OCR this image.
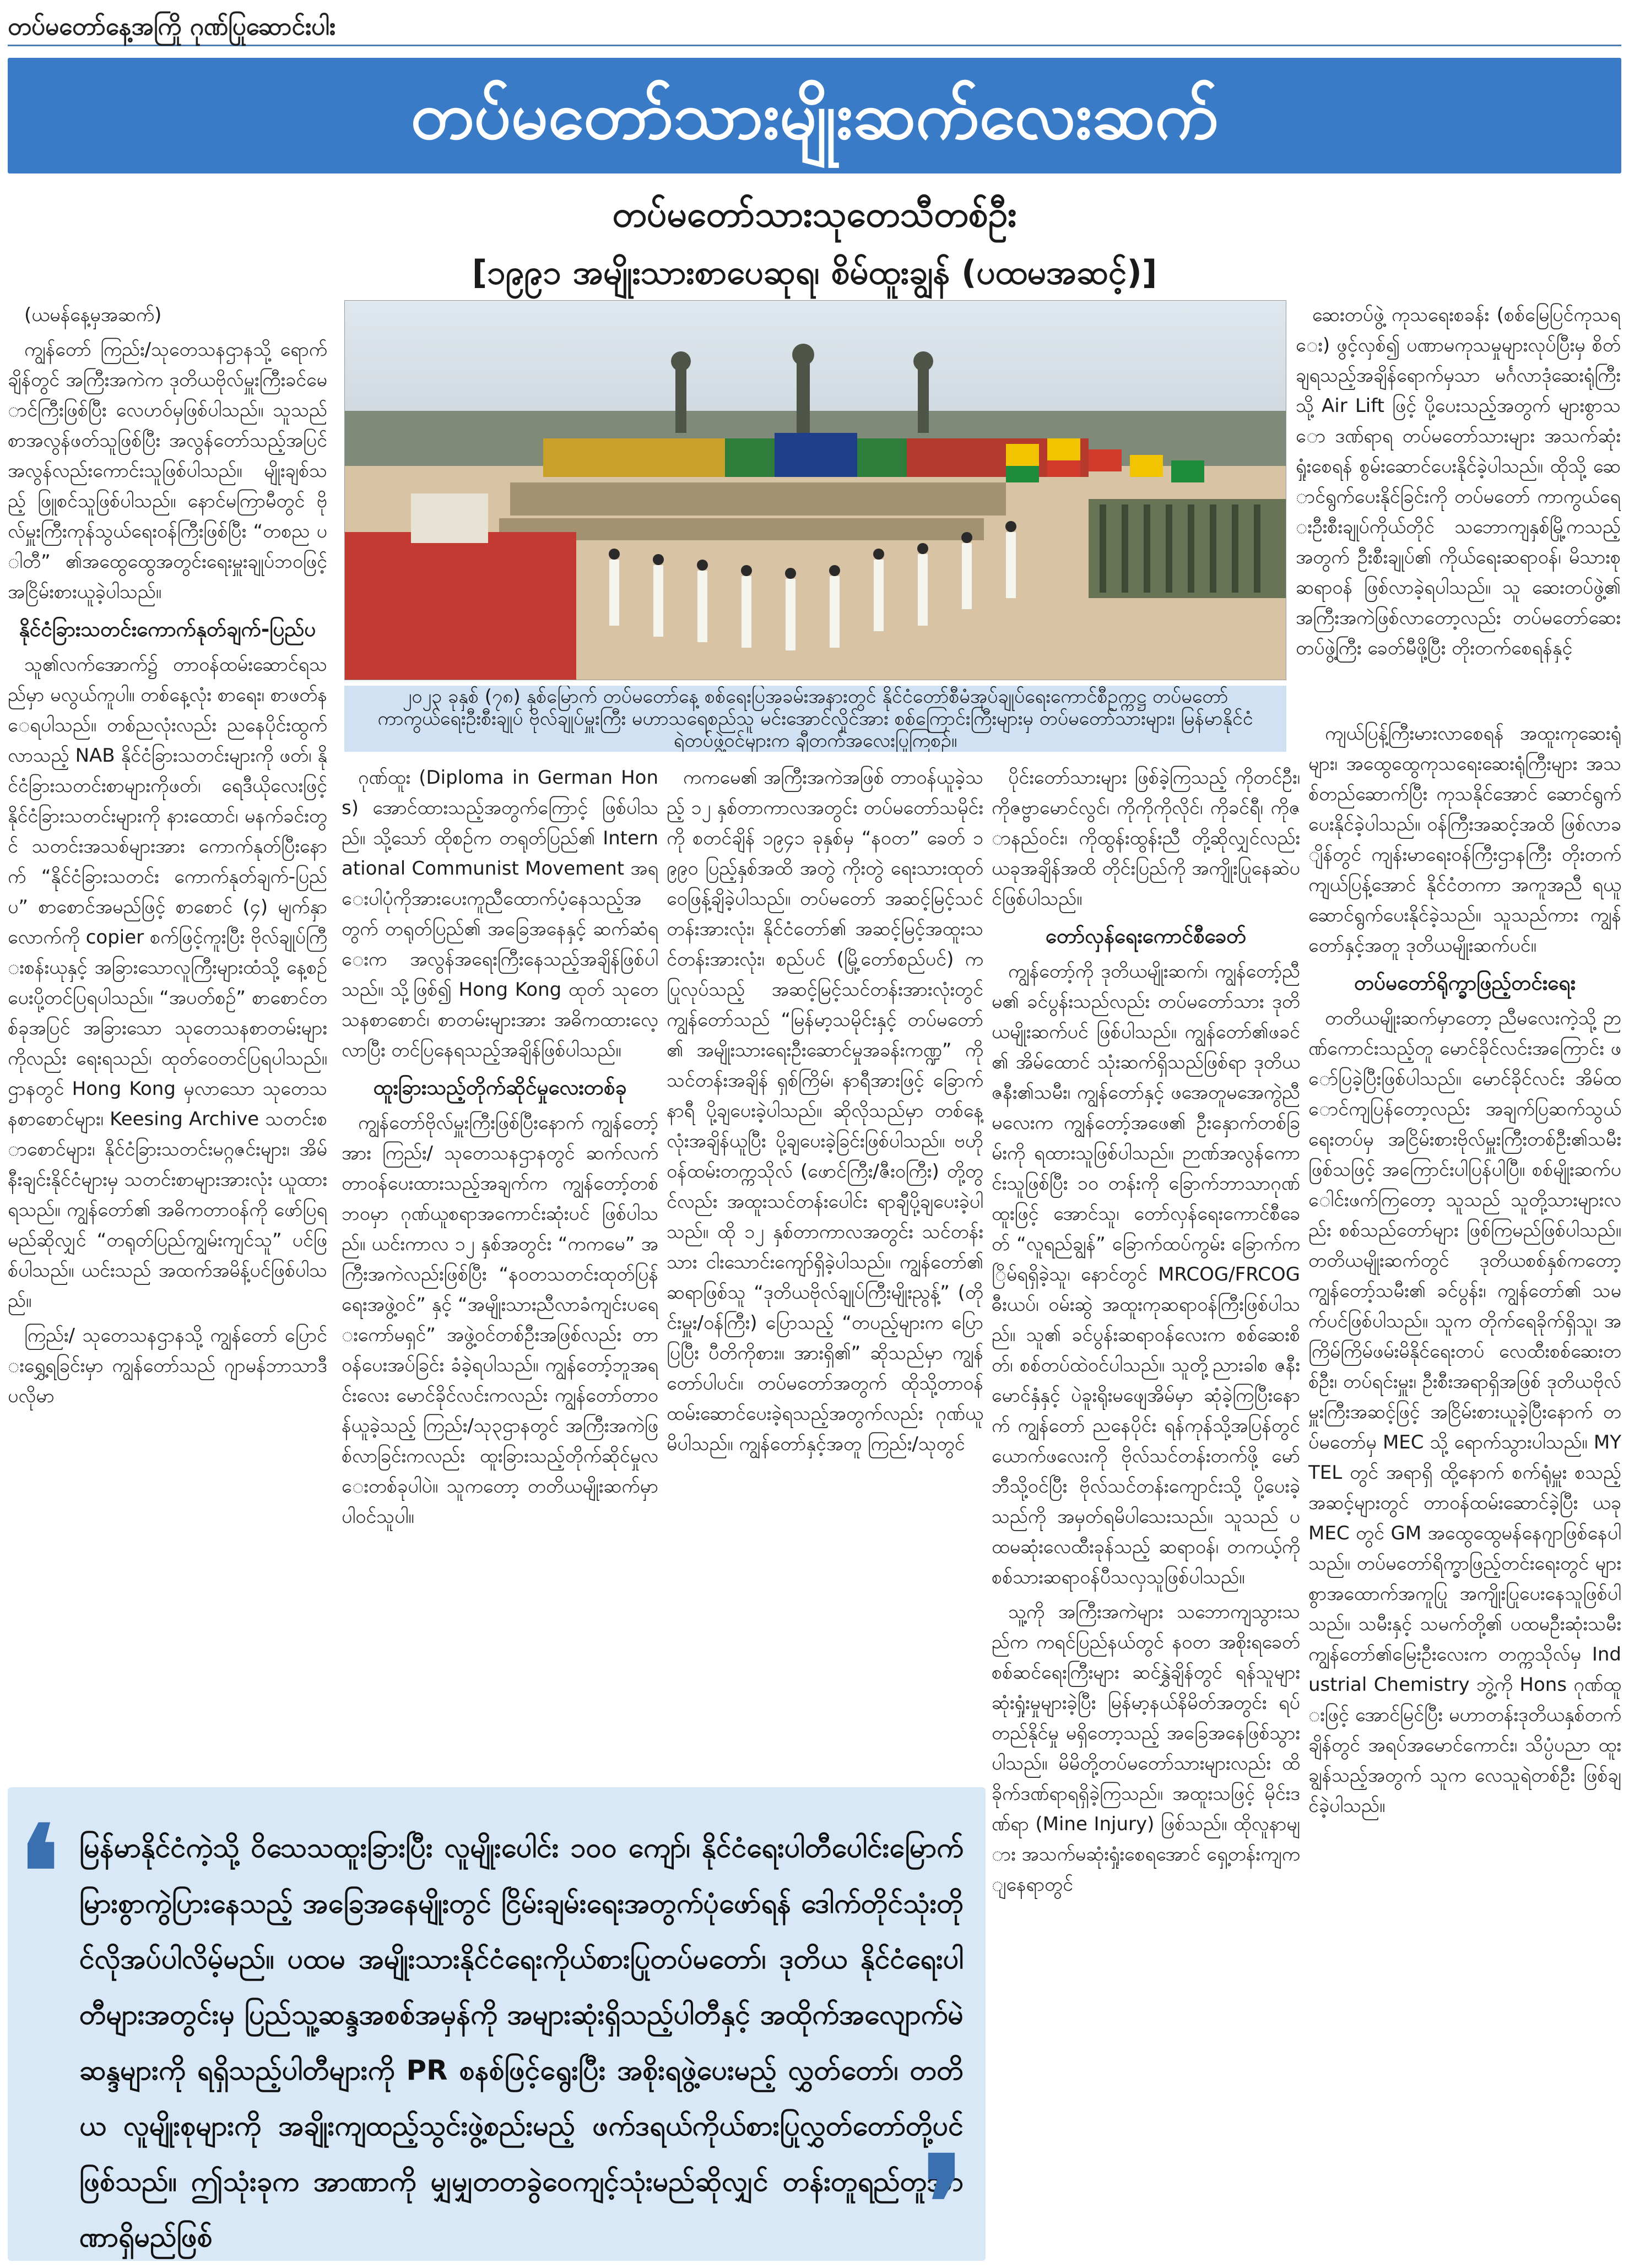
တပ်မတော်နေ့အကြို ဂုဏ်ပြုဆောင်းပါး
တပ်မတော်သားမျိုးဆက်လေးဆက်
တပ်မတော်သားသုတေသီတစ်ဦး
[၁၉၉၁ အမျိုးသားစာပေဆုရ၊ စိမ်ထူးချွန် (ပထမအဆင့်)]
၂၀၂၃ ခုနှစ် (၇၈) နှစ်မြောက် တပ်မတော်နေ့ စစ်ရေးပြအခမ်းအနားတွင် နိုင်ငံတော်စီမံအုပ်ချုပ်ရေးကောင်စီဥက္ကဋ္ဌ တပ်မတော်ကာကွယ်ရေးဦးစီးချုပ် ဗိုလ်ချုပ်မှူးကြီး မဟာသရေစည်သူ မင်းအောင်လှိုင်အား စစ်ကြောင်းကြီးများမှ တပ်မတော်သားများ၊ မြန်မာနိုင်ငံရဲတပ်ဖွဲ့ဝင်များက ချီတက်အလေးပြုကြစဉ်။

ဆေးတပ်ဖွဲ့ ကုသရေးစခန်း (စစ်မြေပြင်ကုသရေး) ဖွင့်လှစ်၍ ပဏာမကုသမှုများလုပ်ပြီးမှ စိတ်ချရသည့်အချိန်ရောက်မှသာ မင်္ဂလာဒုံဆေးရုံကြီးသို့ Air Lift ဖြင့် ပို့ပေးသည့်အတွက် များစွာသော ဒဏ်ရာရ တပ်မတော်သားများ အသက်ဆုံးရှုံးစေရန် စွမ်းဆောင်ပေးနိုင်ခဲ့ပါသည်။ ထိုသို့ ဆောင်ရွက်ပေးနိုင်ခြင်းကို တပ်မတော် ကာကွယ်ရေးဦးစီးချုပ်ကိုယ်တိုင် သဘောကျနှစ်မြို့ကသည့်အတွက် ဦးစီးချုပ်၏ ကိုယ်ရေးဆရာဝန်၊ မိသားစုဆရာဝန် ဖြစ်လာခဲ့ရပါသည်။ သူ ဆေးတပ်ဖွဲ့၏အကြီးအကဲဖြစ်လာတော့လည်း တပ်မတော်ဆေးတပ်ဖွဲ့ကြီး ခေတ်မီဖို့ပြီး တိုးတက်စေရန်နှင့်

(ယမန်နေ့မှအဆက်)

ကျွန်တော် ကြည်း/သုတေသနဌာနသို့ ရောက်ချိန်တွင် အကြီးအကဲက ဒုတိယဗိုလ်မှူးကြီးခင်မောင်ကြီးဖြစ်ပြီး လေဟဝ်မှဖြစ်ပါသည်။ သူသည် စာအလွန်ဖတ်သူဖြစ်ပြီး အလွန်တော်သည့်အပြင် အလွန်လည်းကောင်းသူဖြစ်ပါသည်။ မျိုးချစ်သည့် ဖြူစင်သူဖြစ်ပါသည်။ နောင်မကြာမီတွင် ဗိုလ်မှူးကြီးကုန်သွယ်ရေးဝန်ကြီးဖြစ်ပြီး “တစည ပါတီ” ၏အထွေထွေအတွင်းရေးမှူးချုပ်ဘဝဖြင့် အငြိမ်းစားယူခဲ့ပါသည်။

နိုင်ငံခြားသတင်းကောက်နုတ်ချက်-ပြည်ပ

သူ၏လက်အောက်၌ တာဝန်ထမ်းဆောင်ရသည်မှာ မလွယ်ကူပါ။ တစ်နေ့လုံး စာရေး၊ စာဖတ်နေရပါသည်။ တစ်ညလုံးလည်း ညနေပိုင်းထွက်လာသည့် NAB နိုင်ငံခြားသတင်းများကို ဖတ်၊ နိုင်ငံခြားသတင်းစာများကိုဖတ်၊ ရေဒီယိုလေးဖြင့် နိုင်ငံခြားသတင်းများကို နားထောင်၊ မနက်ခင်းတွင် သတင်းအသစ်များအား ကောက်နုတ်ပြီးနောက် “နိုင်ငံခြားသတင်း ကောက်နုတ်ချက်-ပြည်ပ” စာစောင်အမည်ဖြင့် စာစောင် (၄) မျက်နှာလောက်ကို copier စက်ဖြင့်ကူးပြီး ဗိုလ်ချုပ်ကြီးစန်းယုနှင့် အခြားသောလူကြီးများထံသို့ နေ့စဉ်ပေးပို့တင်ပြရပါသည်။ “အပတ်စဉ်” စာစောင်တစ်ခုအပြင် အခြားသော သုတေသနစာတမ်းများကိုလည်း ရေးရသည်၊ ထုတ်ဝေတင်ပြရပါသည်။ ဌာနတွင် Hong Kong မှလာသော သုတေသနစာစောင်များ၊ Keesing Archive သတင်းစာစောင်များ၊ နိုင်ငံခြားသတင်းမဂ္ဂဇင်းများ၊ အိမ်နီးချင်းနိုင်ငံများမှ သတင်းစာများအားလုံး ယူထားရသည်။ ကျွန်တော်၏ အဓိကတာဝန်ကို ဖော်ပြရမည်ဆိုလျှင် “တရုတ်ပြည်ကျွမ်းကျင်သူ” ပင်ဖြစ်ပါသည်။ ယင်းသည် အထက်အမိန့်ပင်ဖြစ်ပါသည်။

ကြည်း/ သုတေသနဌာနသို့ ကျွန်တော် ပြောင်းရွှေ့ရခြင်းမှာ ကျွန်တော်သည် ဂျာမန်ဘာသာဒီပလိုမာ

ဂုဏ်ထူး (Diploma in German Hons) အောင်ထားသည့်အတွက်ကြောင့် ဖြစ်ပါသည်။ သို့သော် ထိုစဉ်က တရုတ်ပြည်၏ International Communist Movement အရေးပါပုံကိုအားပေးကူညီထောက်ပံ့နေသည့်အတွက် တရုတ်ပြည်၏ အခြေအနေနှင့် ဆက်ဆံရေးက အလွန်အရေးကြီးနေသည့်အချိန်ဖြစ်ပါသည်။ သို့ဖြစ်၍ Hong Kong ထုတ် သုတေသနစာစောင်၊ စာတမ်းများအား အဓိကထားလေ့လာပြီး တင်ပြနေရသည့်အချိန်ဖြစ်ပါသည်။

ထူးခြားသည့်တိုက်ဆိုင်မှုလေးတစ်ခု

ကျွန်တော်ဗိုလ်မှူးကြီးဖြစ်ပြီးနောက် ကျွန်တော့်အား ကြည်း/ သုတေသနဌာနတွင် ဆက်လက်တာဝန်ပေးထားသည့်အချက်က ကျွန်တော့်တစ်ဘဝမှာ ဂုဏ်ယူစရာအကောင်းဆုံးပင် ဖြစ်ပါသည်။ ယင်းကာလ ၁၂ နှစ်အတွင်း “ကကမေ” အကြီးအကဲလည်းဖြစ်ပြီး “နဝတသတင်းထုတ်ပြန်ရေးအဖွဲ့ဝင်” နှင့် “အမျိုးသားညီလာခံကျင်းပရေးကော်မရှင်” အဖွဲ့ဝင်တစ်ဦးအဖြစ်လည်း တာဝန်ပေးအပ်ခြင်း ခံခဲ့ရပါသည်။ ကျွန်တော့်ဘူအရင်းလေး မောင်ခိုင်လင်းကလည်း ကျွန်တော်တာဝန်ယူခဲ့သည့် ကြည်း/သု၃ဌာနတွင် အကြီးအကဲဖြစ်လာခြင်းကလည်း ထူးခြားသည့်တိုက်ဆိုင်မှုလေးတစ်ခုပါပဲ။ သူကတော့ တတိယမျိုးဆက်မှာ ပါဝင်သူပါ။

ကကမေ၏ အကြီးအကဲအဖြစ် တာဝန်ယူခဲ့သည့် ၁၂ နှစ်တာကာလအတွင်း တပ်မတော်သမိုင်းကို စတင်ချိန် ၁၉၄၁ ခုနှစ်မှ “နဝတ” ခေတ် ၁၉၉၀ ပြည့်နှစ်အထိ အတွဲ ကိုးတွဲ ရေးသားထုတ်ဝေဖြန့်ချိခဲ့ပါသည်။ တပ်မတော် အဆင့်မြင့်သင်တန်းအားလုံး၊ နိုင်ငံတော်၏ အဆင့်မြင့်အထူးသင်တန်းအားလုံး၊ စည်ပင် (မြို့တော်စည်ပင်) က ပြုလုပ်သည့် အဆင့်မြင့်သင်တန်းအားလုံးတွင် ကျွန်တော်သည် “မြန်မာ့သမိုင်းနှင့် တပ်မတော်၏ အမျိုးသားရေးဦးဆောင်မှုအခန်းကဏ္ဍ” ကို သင်တန်းအချိန် ရှစ်ကြိမ်၊ နာရီအားဖြင့် ခြောက်နာရီ ပို့ချပေးခဲ့ပါသည်။ ဆိုလိုသည်မှာ တစ်နေ့လုံးအချိန်ယူပြီး ပို့ချပေးခဲ့ခြင်းဖြစ်ပါသည်။ ဗဟိုဝန်ထမ်းတက္ကသိုလ် (ဖောင်ကြီး/ဇီးဝကြီး) တို့တွင်လည်း အထူးသင်တန်းပေါင်း ရာချီပို့ချပေးခဲ့ပါသည်။ ထို ၁၂ နှစ်တာကာလအတွင်း သင်တန်းသား ငါးသောင်းကျော်ရှိခဲ့ပါသည်။ ကျွန်တော်၏ဆရာဖြစ်သူ “ဒုတိယဗိုလ်ချုပ်ကြီးမျိုးညွန့်” (တိုင်းမှူး/ဝန်ကြီး) ပြောသည့် “တပည့်များက ပြောပြပြီး ပီတိကိုစား။ အားရှိ၏” ဆိုသည်မှာ ကျွန်တော်ပါပင်။ တပ်မတော်အတွက် ထိုသို့တာဝန်ထမ်းဆောင်ပေးခဲ့ရသည့်အတွက်လည်း ဂုဏ်ယူမိပါသည်။ ကျွန်တော်နှင့်အတူ ကြည်း/သုတွင်

ပိုင်းတော်သားများ ဖြစ်ခဲ့ကြသည့် ကိုတင်ဦး၊ ကိုဇဗ္ဗာမောင်လွင်၊ ကိုကိုကိုလိုင်၊ ကိုခင်ရီ၊ ကိုဇာနည်ဝင်း၊ ကိုထွန်းထွန်းညီ တို့ဆိုလျှင်လည်း ယခုအချိန်အထိ တိုင်းပြည်ကို အကျိုးပြုနေဆဲပင်ဖြစ်ပါသည်။

တော်လှန်ရေးကောင်စီခေတ်

ကျွန်တော့်ကို ဒုတိယမျိုးဆက်၊ ကျွန်တော့်ညီမ၏ ခင်ပွန်းသည်လည်း တပ်မတော်သား ဒုတိယမျိုးဆက်ပင် ဖြစ်ပါသည်။ ကျွန်တော်၏ဖခင်၏ အိမ်ထောင် သုံးဆက်ရှိသည်ဖြစ်ရာ ဒုတိယဇနီး၏သမီး၊ ကျွန်တော်နှင့် ဖအေတူမအေကွဲညီမလေးက ကျွန်တော့်အဖေ၏ ဦးနှောက်တစ်ခြမ်းကို ရထားသူဖြစ်ပါသည်။ ဉာဏ်အလွန်ကောင်းသူဖြစ်ပြီး ၁၀ တန်းကို ခြောက်ဘာသာဂုဏ်ထူးဖြင့် အောင်သူ၊ တော်လှန်ရေးကောင်စီခေတ် “လူရည်ချွန်” ခြောက်ထပ်ကွမ်း ခြောက်ကြိမ်ရရှိခဲ့သူ၊ နောင်တွင် MRCOG/FRCOG ဓီးယပ်၊ ဝမ်းဆွဲ အထူးကုဆရာဝန်ကြီးဖြစ်ပါသည်။ သူ၏ ခင်ပွန်းဆရာဝန်လေးက စစ်ဆေးစိတ်၊ စစ်တပ်ထဲဝင်ပါသည်။ သူတို့ညားခါစ ဇနီးမောင်နှံနှင့် ပဲခူးရိုးမဖျေအိမ်မှာ ဆုံခဲ့ကြပြီးနောက် ကျွန်တော် ညနေပိုင်း ရန်ကုန်သို့အပြန်တွင် ယောက်ဖလေးကို ဗိုလ်သင်တန်းတက်ဖို့ မော်ဘီသို့ဝင်ပြီး ဗိုလ်သင်တန်းကျောင်းသို့ ပို့ပေးခဲ့သည်ကို အမှတ်ရမိပါသေးသည်။ သူသည် ပထမဆုံးလေထီးခုန်သည့် ဆရာဝန်၊ တကယ့်ကို စစ်သားဆရာဝန်ပီသလှသူဖြစ်ပါသည်။

သူ့ကို အကြီးအကဲများ သဘောကျသွားသည်က ကရင်ပြည်နယ်တွင် နဝတ အစိုးရခေတ် စစ်ဆင်ရေးကြီးများ ဆင်နွှဲချိန်တွင် ရန်သူများ ဆုံးရှုံးမှုများခဲ့ပြီး မြန်မာ့နယ်နိမိတ်အတွင်း ရပ်တည်နိုင်မှု မရှိတော့သည့် အခြေအနေဖြစ်သွားပါသည်။ မိမိတို့တပ်မတော်သားများလည်း ထိခိုက်ဒဏ်ရာရရှိခဲ့ကြသည်။ အထူးသဖြင့် မိုင်းဒဏ်ရာ (Mine Injury) ဖြစ်သည်။ ထိုလူနာများ အသက်မဆုံးရှုံးစေရအောင် ရှေ့တန်းကျကျနေရာတွင်

ကျယ်ပြန့်ကြီးမားလာစေရန် အထူးကုဆေးရုံများ၊ အထွေထွေကုသရေးဆေးရုံကြီးများ အသစ်တည်ဆောက်ပြီး ကုသနိုင်အောင် ဆောင်ရွက်ပေးနိုင်ခဲ့ပါသည်။ ဝန်ကြီးအဆင့်အထိ ဖြစ်လာချိန်တွင် ကျန်းမာရေးဝန်ကြီးဌာနကြီး တိုးတက်ကျယ်ပြန့်အောင် နိုင်ငံတကာ အကူအညီ ရယူဆောင်ရွက်ပေးနိုင်ခဲ့သည်။ သူသည်ကား ကျွန်တော်နှင့်အတူ ဒုတိယမျိုးဆက်ပင်။

တပ်မတော်ရိုက္ခာဖြည့်တင်းရေး

တတိယမျိုးဆက်မှာတော့ ညီမလေးကဲ့သို့ ဉာဏ်ကောင်းသည့်တူ မောင်ခိုင်လင်းအကြောင်း ဖော်ပြခဲ့ပြီးဖြစ်ပါသည်။ မောင်ခိုင်လင်း အိမ်ထောင်ကျပြန်တော့လည်း အချက်ပြဆက်သွယ်ရေးတပ်မှ အငြိမ်းစားဗိုလ်မှူးကြီးတစ်ဦး၏သမီးဖြစ်သဖြင့် အကြောင်းပါပြန်ပါပြီ။ စစ်မျိုးဆက်ပေါင်းဖက်ကြတော့ သူသည် သူတို့သားများလည်း စစ်သည်တော်များ ဖြစ်ကြမည်ဖြစ်ပါသည်။ တတိယမျိုးဆက်တွင် ဒုတိယစစ်နှစ်ကတော့ ကျွန်တော့်သမီး၏ ခင်ပွန်း၊ ကျွန်တော်၏ သမက်ပင်ဖြစ်ပါသည်။ သူက တိုက်ရေခိုက်ရှိသူ၊ အကြိမ်ကြိမ်ဖမ်းမိနိုင်ရေးတပ် လေထီးစစ်ဆေးတစ်ဦး၊ တပ်ရင်းမှူး၊ ဦးစီးအရာရှိအဖြစ် ဒုတိယဗိုလ်မှူးကြီးအဆင့်ဖြင့် အငြိမ်းစားယူခဲ့ပြီးနောက် တပ်မတော်မှ MEC သို့ ရောက်သွားပါသည်။ MYTEL တွင် အရာရှိ ထို့နောက် စက်ရုံမှူး စသည့် အဆင့်များတွင် တာဝန်ထမ်းဆောင်ခဲ့ပြီး ယခု MEC တွင် GM အထွေထွေမန်နေဂျာဖြစ်နေပါသည်။ တပ်မတော်ရိက္ခာဖြည့်တင်းရေးတွင် များစွာအထောက်အကူပြု အကျိုးပြုပေးနေသူဖြစ်ပါသည်။ သမီးနှင့် သမက်တို့၏ ပထမဦးဆုံးသမီး ကျွန်တော်၏မြေးဦးလေးက တက္ကသိုလ်မှ Industrial Chemistry ဘွဲ့ကို Hons ဂုဏ်ထူးဖြင့် အောင်မြင်ပြီး မဟာတန်းဒုတိယနှစ်တက်ချိန်တွင် အရပ်အမောင်ကောင်း၊ သိပ္ပံပညာ ထူးချွန်သည့်အတွက် သူက လေသူရဲတစ်ဦး ဖြစ်ချင်ခဲ့ပါသည်။

❛ မြန်မာနိုင်ငံကဲ့သို့ ဝိသေသထူးခြားပြီး လူမျိုးပေါင်း ၁၀၀ ကျော်၊ နိုင်ငံရေးပါတီပေါင်းမြောက်မြားစွာကွဲပြားနေသည့် အခြေအနေမျိုးတွင် ငြိမ်းချမ်းရေးအတွက်ပုံဖော်ရန် ဒေါက်တိုင်သုံးတိုင်လိုအပ်ပါလိမ့်မည်။ ပထမ အမျိုးသားနိုင်ငံရေးကိုယ်စားပြုတပ်မတော်၊ ဒုတိယ နိုင်ငံရေးပါတီများအတွင်းမှ ပြည်သူ့ဆန္ဒအစစ်အမှန်ကို အများဆုံးရှိသည့်ပါတီနှင့် အထိုက်အလျောက်မဲဆန္ဒများကို ရရှိသည့်ပါတီများကို PR စနစ်ဖြင့်ရွေးပြီး အစိုးရဖွဲ့ပေးမည့် လွှတ်တော်၊ တတိယ လူမျိုးစုများကို အချိုးကျထည့်သွင်းဖွဲ့စည်းမည့် ဖက်ဒရယ်ကိုယ်စားပြုလွှတ်တော်တို့ပင် ဖြစ်သည်။ ဤသုံးခုက အာဏာကို မျှမျှတတခွဲဝေကျင့်သုံးမည်ဆိုလျှင် တန်းတူရည်တူအာဏာရှိမည်ဖြစ်	❜
